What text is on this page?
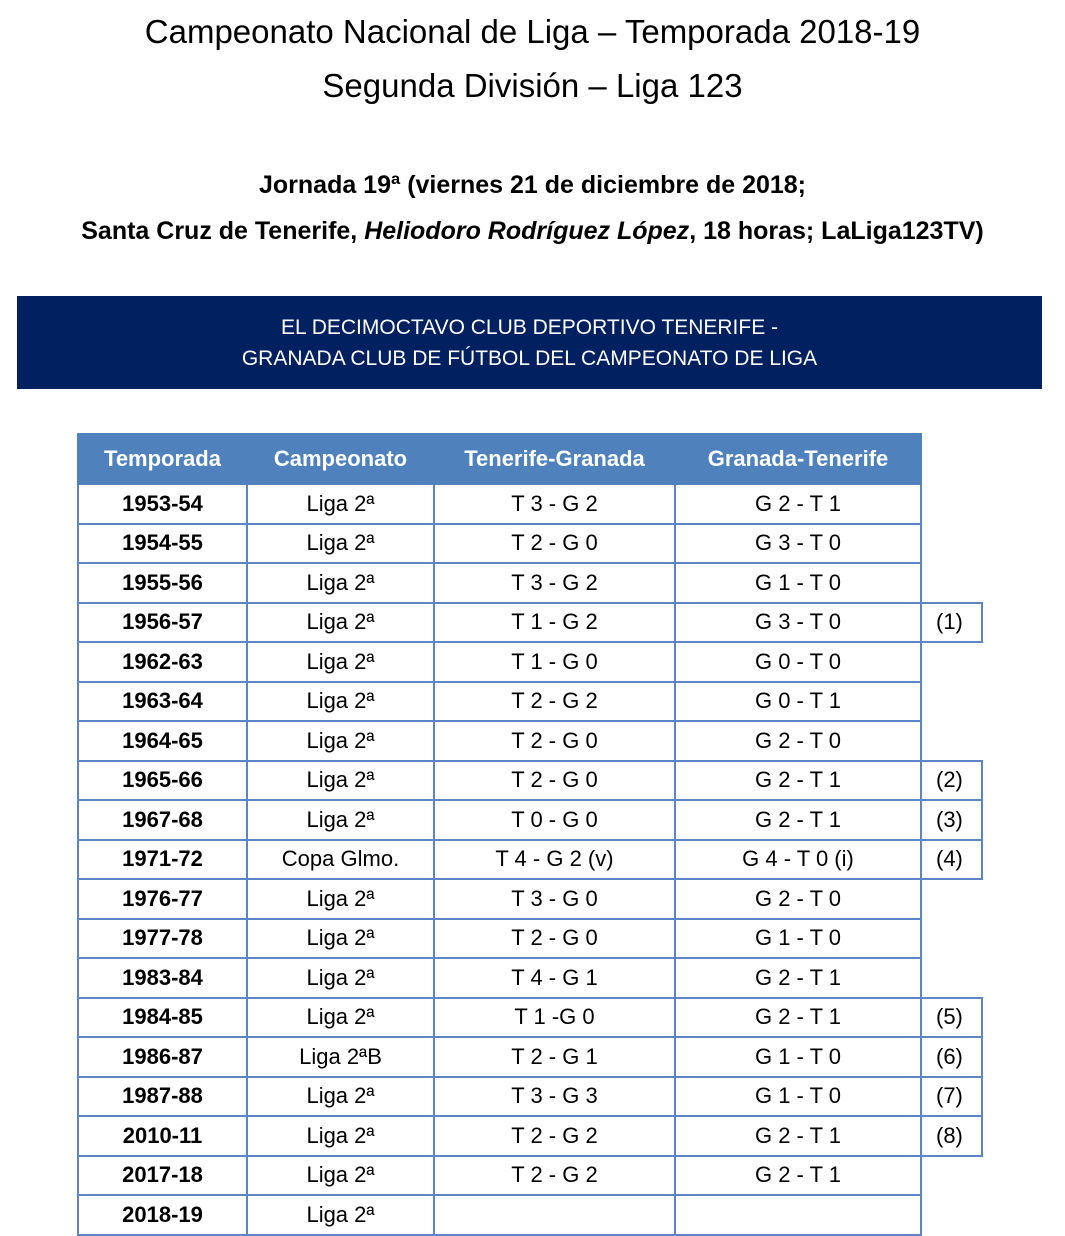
Campeonato Nacional de Liga – Temporada 2018-19
Segunda División – Liga 123
Jornada 19ª (viernes 21 de diciembre de 2018;
Santa Cruz de Tenerife, Heliodoro Rodríguez López, 18 horas; LaLiga123TV)
EL DECIMOCTAVO CLUB DEPORTIVO TENERIFE -
GRANADA CLUB DE FÚTBOL DEL CAMPEONATO DE LIGA
Temporada	Campeonato	Tenerife-Granada	Granada-Tenerife	
1953-54	Liga 2ª	T 3 - G 2	G 2 - T 1	
1954-55	Liga 2ª	T 2 - G 0	G 3 - T 0	
1955-56	Liga 2ª	T 3 - G 2	G 1 - T 0	
1956-57	Liga 2ª	T 1 - G 2	G 3 - T 0	(1)
1962-63	Liga 2ª	T 1 - G 0	G 0 - T 0	
1963-64	Liga 2ª	T 2 - G 2	G 0 - T 1	
1964-65	Liga 2ª	T 2 - G 0	G 2 - T 0	
1965-66	Liga 2ª	T 2 - G 0	G 2 - T 1	(2)
1967-68	Liga 2ª	T 0 - G 0	G 2 - T 1	(3)
1971-72	Copa Glmo.	T 4 - G 2 (v)	G 4 - T 0 (i)	(4)
1976-77	Liga 2ª	T 3 - G 0	G 2 - T 0	
1977-78	Liga 2ª	T 2 - G 0	G 1 - T 0	
1983-84	Liga 2ª	T 4 - G 1	G 2 - T 1	
1984-85	Liga 2ª	T 1 -G 0	G 2 - T 1	(5)
1986-87	Liga 2ªB	T 2 - G 1	G 1 - T 0	(6)
1987-88	Liga 2ª	T 3 - G 3	G 1 - T 0	(7)
2010-11	Liga 2ª	T 2 - G 2	G 2 - T 1	(8)
2017-18	Liga 2ª	T 2 - G 2	G 2 - T 1	
2018-19	Liga 2ª			
